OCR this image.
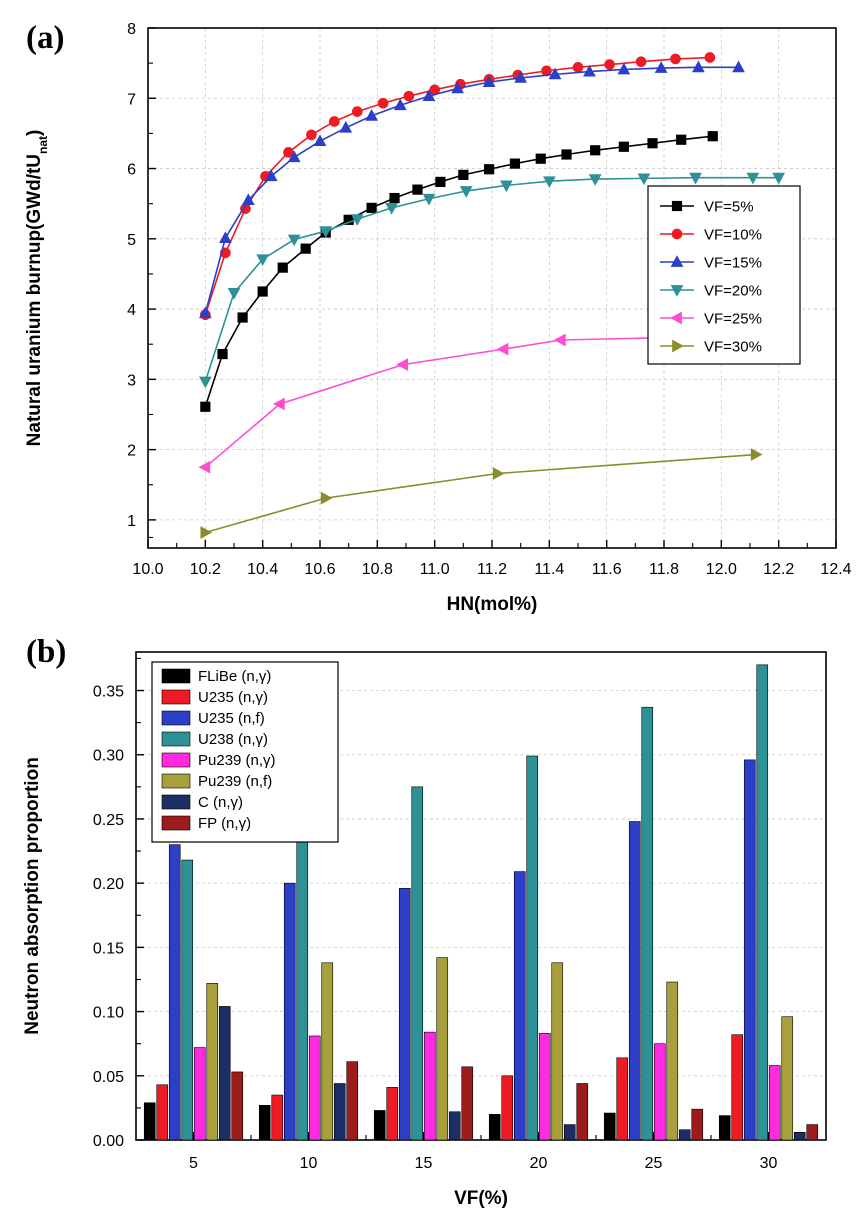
(a)
10.0 10.2 10.4 10.6 10.8 11.0 11.2 11.4 11.6 11.8 12.0 12.2 12.4
1
2
3
4
5
6
7
8
HN(mol%)
Natural uranium $burnup(GWd/tU_{nat})$
VF=5%
VF=10%
VF=15%
VF=20%
VF=25%
VF=30%
(b)
0.00
0.05
0.10
0.15
0.20
0.25
0.30
0.35
5	10	15	20	25	30
VF(%)
Neutron absorption proportion
FLiBe (n,γ)
U235 (n,γ)
U235 (n,f)
U238 (n,γ)
Pu239 (n,γ)
Pu239 (n,f)
C (n,γ)
FP (n,γ)
